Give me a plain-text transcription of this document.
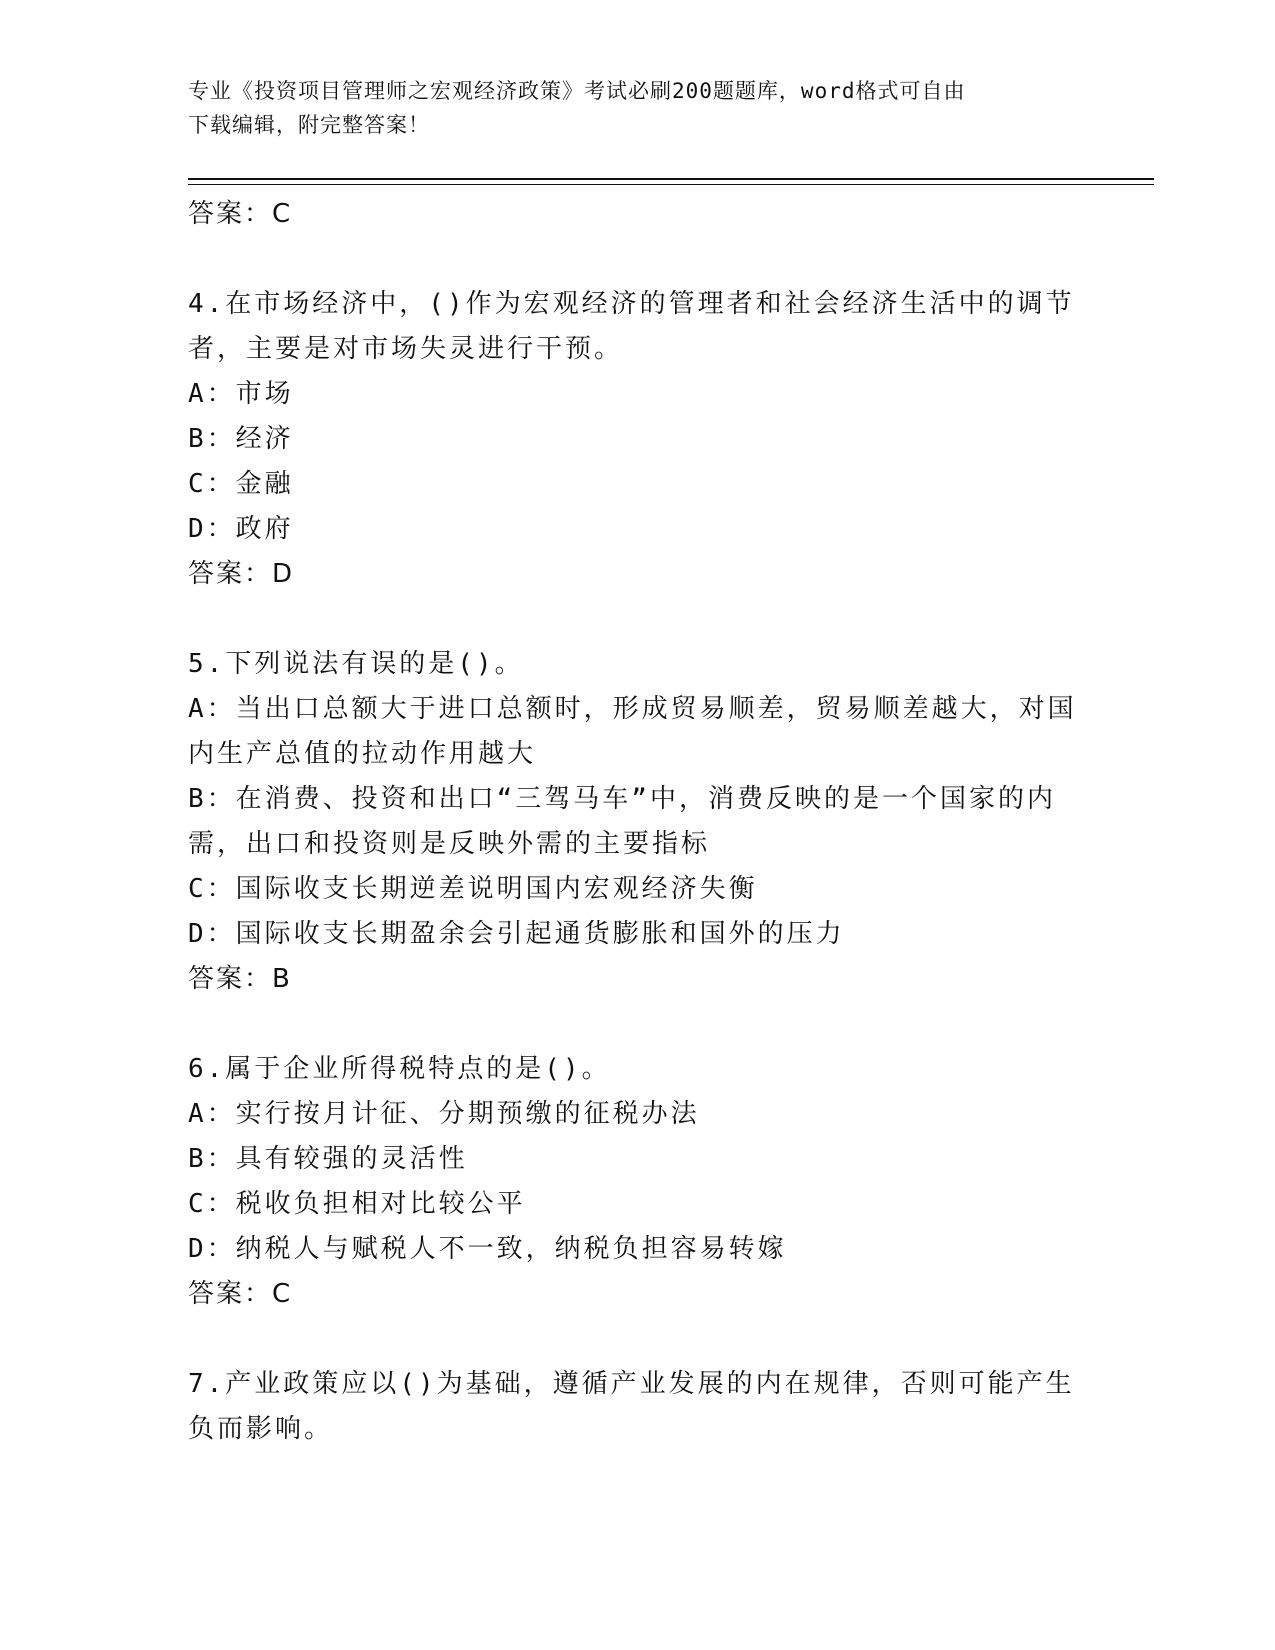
专业《投资项目管理师之宏观经济政策》考试必刷200题题库，word格式可自由
下载编辑，附完整答案！
答案：C
4.在市场经济中，()作为宏观经济的管理者和社会经济生活中的调节
者，主要是对市场失灵进行干预。
A：市场
B：经济
C：金融
D：政府
答案：D
5.下列说法有误的是()。
A：当出口总额大于进口总额时，形成贸易顺差，贸易顺差越大，对国
内生产总值的拉动作用越大
B：在消费、投资和出口“三驾马车”中，消费反映的是一个国家的内
需，出口和投资则是反映外需的主要指标
C：国际收支长期逆差说明国内宏观经济失衡
D：国际收支长期盈余会引起通货膨胀和国外的压力
答案：B
6.属于企业所得税特点的是()。
A：实行按月计征、分期预缴的征税办法
B：具有较强的灵活性
C：税收负担相对比较公平
D：纳税人与赋税人不一致，纳税负担容易转嫁
答案：C
7.产业政策应以()为基础，遵循产业发展的内在规律，否则可能产生
负而影响。
